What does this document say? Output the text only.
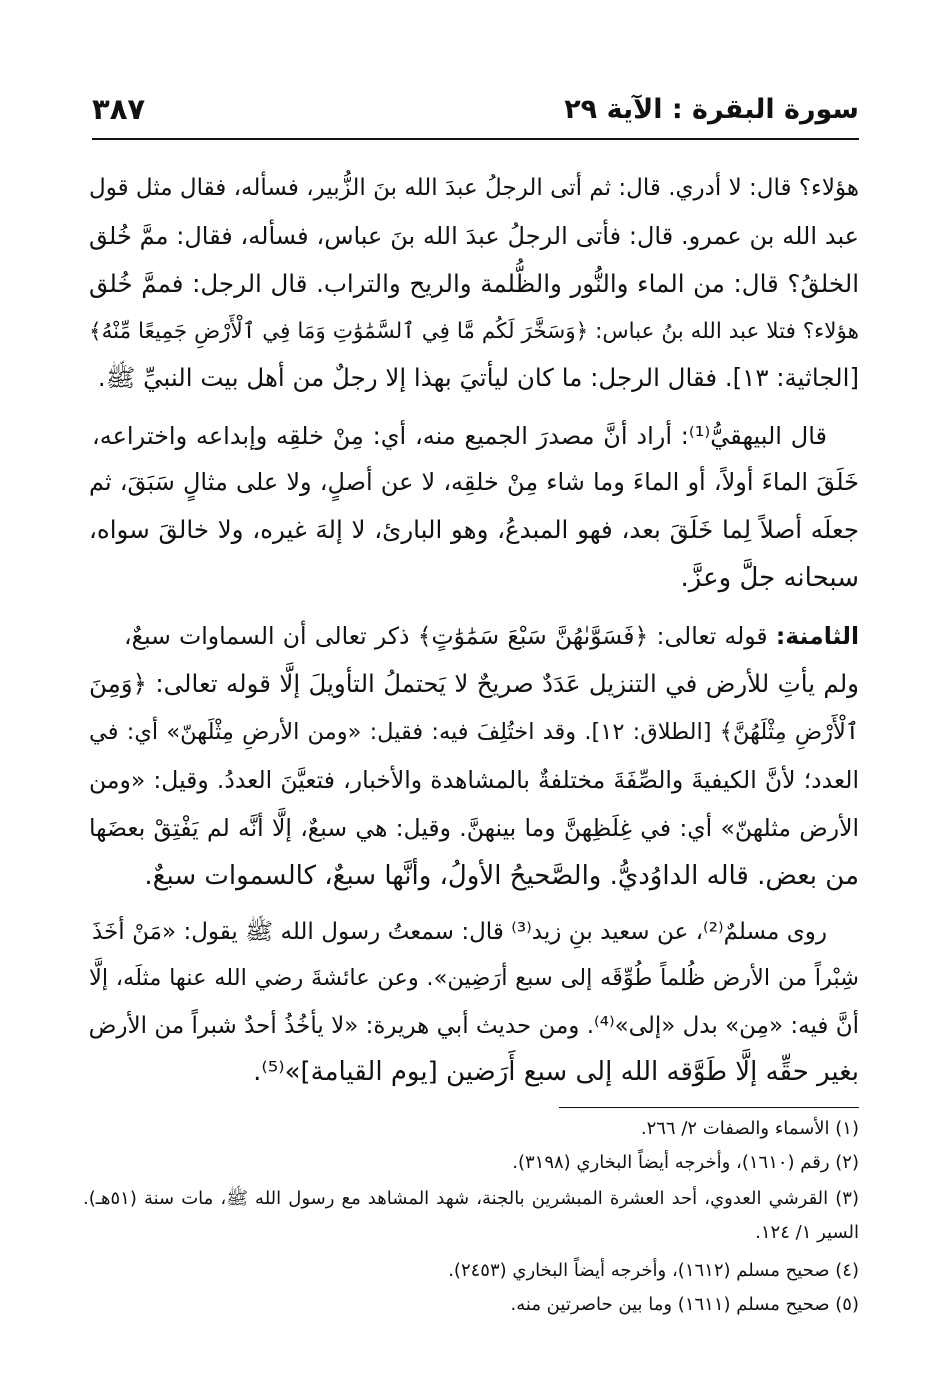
سورة البقرة : الآية ٢٩
٣٨٧
هؤلاء؟ قال: لا أدري. قال: ثم أتى الرجلُ عبدَ الله بنَ الزُّبير، فسأله، فقال مثل قول
عبد الله بن عمرو. قال: فأتى الرجلُ عبدَ الله بنَ عباس، فسأله، فقال: ممَّ خُلق
الخلقُ؟ قال: من الماء والنُّور والظُّلمة والريح والتراب. قال الرجل: فممَّ خُلق
هؤلاء؟ فتلا عبد الله بنُ عباس: ﴿وَسَخَّرَ لَكُم مَّا فِي ٱلسَّمَٰوَٰتِ وَمَا فِي ٱلْأَرْضِ جَمِيعًا مِّنْهُ﴾
[الجاثية: ١٣]. فقال الرجل: ما كان ليأتيَ بهذا إلا رجلٌ من أهل بيت النبيِّ ﷺ.
قال البيهقيُّ⁽¹⁾: أراد أنَّ مصدرَ الجميع منه، أي: مِنْ خلقِه وإبداعه واختراعه،
خَلَقَ الماءَ أولاً، أو الماءَ وما شاء مِنْ خلقِه، لا عن أصلٍ، ولا على مثالٍ سَبَقَ، ثم
جعلَه أصلاً لِما خَلَقَ بعد، فهو المبدعُ، وهو البارئ، لا إلهَ غيره، ولا خالقَ سواه،
سبحانه جلَّ وعزَّ.
الثامنة: قوله تعالى: ﴿فَسَوَّىٰهُنَّ سَبْعَ سَمَٰوَٰتٍ﴾ ذكر تعالى أن السماوات سبعٌ،
ولم يأتِ للأرض في التنزيل عَدَدٌ صريحٌ لا يَحتملُ التأويلَ إلَّا قوله تعالى: ﴿وَمِنَ
ٱلْأَرْضِ مِثْلَهُنَّ﴾ [الطلاق: ١٢]. وقد اختُلِفَ فيه: فقيل: «ومن الأرضِ مِثْلَهنّ» أي: في
العدد؛ لأنَّ الكيفيةَ والصِّفَةَ مختلفةٌ بالمشاهدة والأخبار، فتعيَّنَ العددُ. وقيل: «ومن
الأرض مثلهنّ» أي: في غِلَظِهنَّ وما بينهنَّ. وقيل: هي سبعٌ، إلَّا أنَّه لم يَفْتِقْ بعضَها
من بعض. قاله الداوُديُّ. والصَّحيحُ الأولُ، وأنَّها سبعٌ، كالسموات سبعٌ.
روى مسلمٌ⁽²⁾، عن سعيد بنِ زيد⁽³⁾ قال: سمعتُ رسول الله ﷺ يقول: «مَنْ أخَذَ
شِبْراً من الأرض ظُلماً طُوِّقَه إلى سبع أرَضِين». وعن عائشةَ رضي الله عنها مثلَه، إلَّا
أنَّ فيه: «مِن» بدل «إلى»⁽⁴⁾. ومن حديث أبي هريرة: «لا يأخُذُ أحدٌ شبراً من الأرض
بغير حقِّه إلَّا طَوَّقه الله إلى سبع أَرَضين [يوم القيامة]»⁽⁵⁾.
(١) الأسماء والصفات ٢/ ٢٦٦.
(٢) رقم (١٦١٠)، وأخرجه أيضاً البخاري (٣١٩٨).
(٣) القرشي العدوي، أحد العشرة المبشرين بالجنة، شهد المشاهد مع رسول الله ﷺ، مات سنة (٥١هـ).
السير ١/ ١٢٤.
(٤) صحيح مسلم (١٦١٢)، وأخرجه أيضاً البخاري (٢٤٥٣).
(٥) صحيح مسلم (١٦١١) وما بين حاصرتين منه.
